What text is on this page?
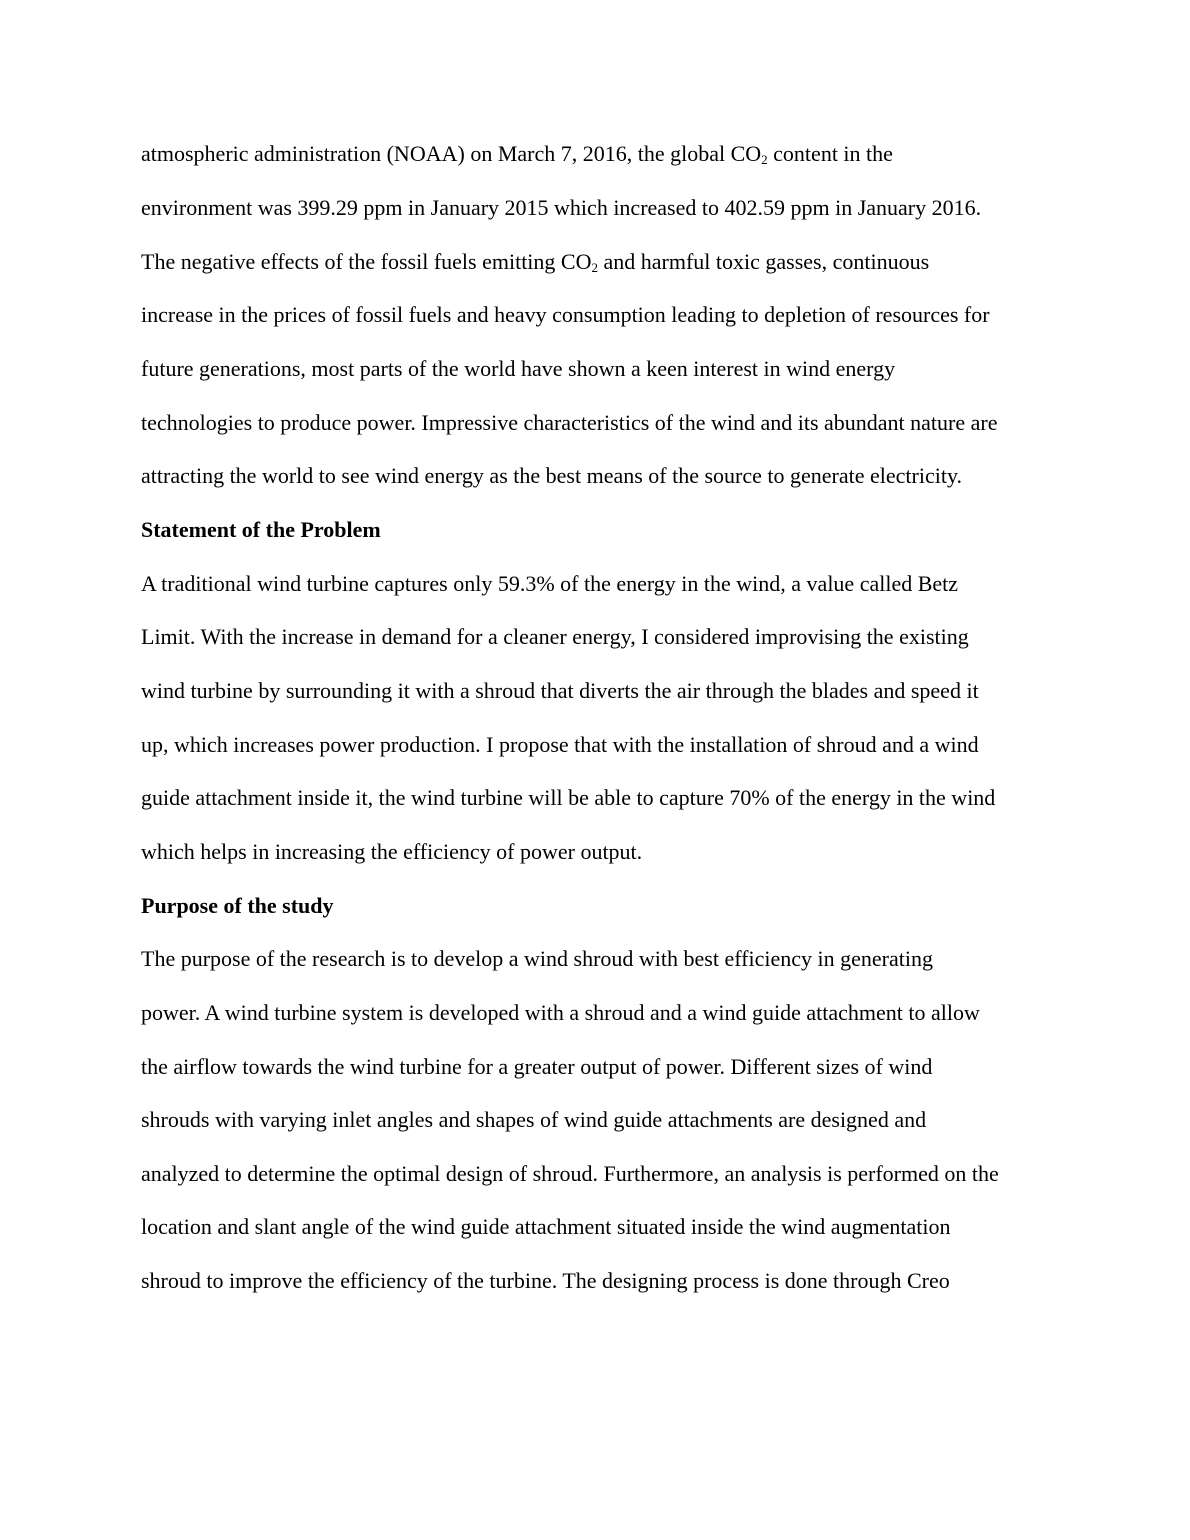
atmospheric administration (NOAA) on March 7, 2016, the global $CO_2$ content in the
environment was 399.29 ppm in January 2015 which increased to 402.59 ppm in January 2016.
The negative effects of the fossil fuels emitting $CO_2$ and harmful toxic gasses, continuous
increase in the prices of fossil fuels and heavy consumption leading to depletion of resources for
future generations, most parts of the world have shown a keen interest in wind energy
technologies to produce power. Impressive characteristics of the wind and its abundant nature are
attracting the world to see wind energy as the best means of the source to generate electricity.
Statement of the Problem
A traditional wind turbine captures only 59.3% of the energy in the wind, a value called Betz
Limit. With the increase in demand for a cleaner energy, I considered improvising the existing
wind turbine by surrounding it with a shroud that diverts the air through the blades and speed it
up, which increases power production. I propose that with the installation of shroud and a wind
guide attachment inside it, the wind turbine will be able to capture 70% of the energy in the wind
which helps in increasing the efficiency of power output.
Purpose of the study
The purpose of the research is to develop a wind shroud with best efficiency in generating
power. A wind turbine system is developed with a shroud and a wind guide attachment to allow
the airflow towards the wind turbine for a greater output of power. Different sizes of wind
shrouds with varying inlet angles and shapes of wind guide attachments are designed and
analyzed to determine the optimal design of shroud. Furthermore, an analysis is performed on the
location and slant angle of the wind guide attachment situated inside the wind augmentation
shroud to improve the efficiency of the turbine. The designing process is done through Creo
